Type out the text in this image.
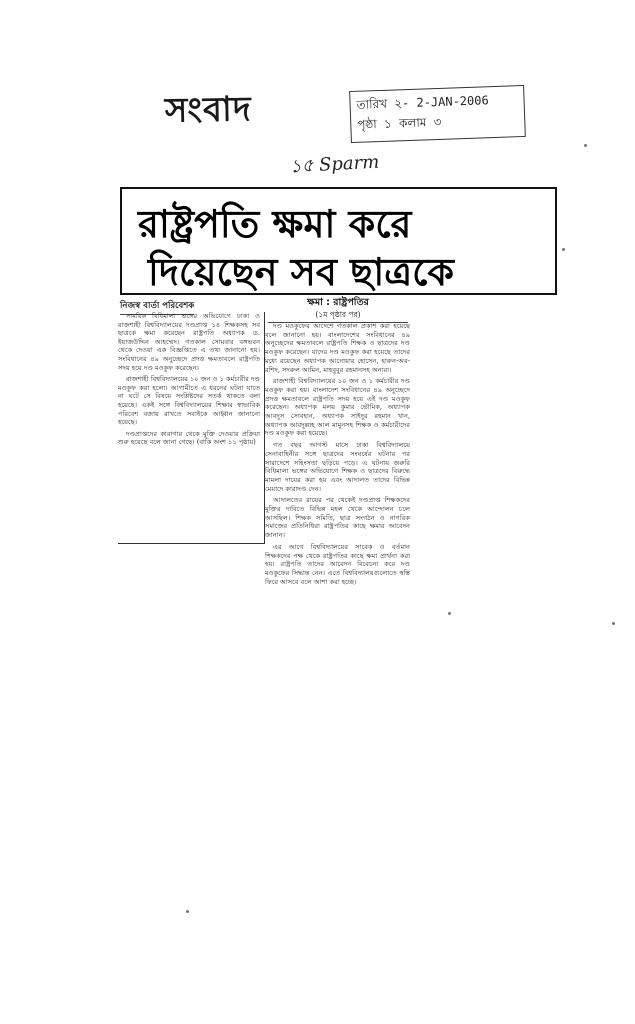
সংবাদ	তারিখ ২- 2-JAN-2006
পৃষ্ঠা ১ কলাম ৩
১৫ Sparm
রাষ্ট্রপতি ক্ষমা করে
দিয়েছেন সব ছাত্রকে
নিজস্ব বার্তা পরিবেশক

সামরিক বিধিমালা ভঙ্গের অভিযোগে ঢাকা ও রাজশাহী বিশ্ববিদ্যালয়ের দণ্ডপ্রাপ্ত ১৪ শিক্ষকসহ সব ছাত্রকে ক্ষমা করেছেন রাষ্ট্রপতি অধ্যাপক ড. ইয়াজউদ্দিন আহম্মেদ। গতকাল সোমবার বঙ্গভবন থেকে দেওয়া এক বিজ্ঞপ্তিতে এ তথ্য জানানো হয়। সংবিধানের ৪৯ অনুচ্ছেদে প্রদত্ত ক্ষমতাবলে রাষ্ট্রপতি সদয় হয়ে দণ্ড মওকুফ করেছেন।

রাজশাহী বিশ্ববিদ্যালয়ের ১০ জন ও ১ কর্মচারীর দণ্ড মওকুফ করা হলো। আগামীতে এ ধরনের ঘটনা যাতে না ঘটে সে বিষয়ে সংশ্লিষ্টদের সতর্ক থাকতে বলা হয়েছে। একই সঙ্গে বিশ্ববিদ্যালয়ের শিক্ষার স্বাভাবিক পরিবেশ বজায় রাখতে সবাইকে আহ্বান জানানো হয়েছে।

দণ্ডপ্রাপ্তদের কারাগার থেকে মুক্তি দেওয়ার প্রক্রিয়া শুরু হয়েছে বলে জানা গেছে। (বাকি অংশ ১১ পৃষ্ঠায়)

ক্ষমা : রাষ্ট্রপতির
(১ম পৃষ্ঠার পর)

দণ্ড মওকুফের আদেশে গতকাল প্রকাশ করা হয়েছে বলে জানানো হয়। বাংলাদেশের সংবিধানের ৪৯ অনুচ্ছেদের ক্ষমতাবলে রাষ্ট্রপতি শিক্ষক ও ছাত্রদের দণ্ড মওকুফ করেছেন। যাদের দণ্ড মওকুফ করা হয়েছে তাদের মধ্যে রয়েছেন অধ্যাপক আনোয়ার হোসেন, হারুন-অর-রশিদ, সদরুল আমিন, মাহবুবুর রহমানসহ অন্যরা।

রাজশাহী বিশ্ববিদ্যালয়ের ১০ জন ও ১ কর্মচারীর দণ্ড মওকুফ করা হয়। বাংলাদেশ সংবিধানের ৪৯ অনুচ্ছেদে প্রদত্ত ক্ষমতাবলে রাষ্ট্রপতি সদয় হয়ে এই দণ্ড মওকুফ করেছেন। অধ্যাপক মলয় কুমার ভৌমিক, অধ্যাপক আবদুস সোবহান, অধ্যাপক সাইদুর রহমান খান, অধ্যাপক আবদুল্লাহ আল মামুনসহ শিক্ষক ও কর্মচারীদের দণ্ড মওকুফ করা হয়েছে।

গত বছর আগস্ট মাসে ঢাকা বিশ্ববিদ্যালয়ে সেনাবাহিনীর সঙ্গে ছাত্রদের সংঘর্ষের ঘটনার পর সারাদেশে সহিংসতা ছড়িয়ে পড়ে। এ ঘটনায় জরুরি বিধিমালা ভঙ্গের অভিযোগে শিক্ষক ও ছাত্রদের বিরুদ্ধে মামলা দায়ের করা হয় এবং আদালত তাদের বিভিন্ন মেয়াদে কারাদণ্ড দেন।

আদালতের রায়ের পর থেকেই দণ্ডপ্রাপ্ত শিক্ষকদের মুক্তির দাবিতে বিভিন্ন মহল থেকে আন্দোলন চলে আসছিল। শিক্ষক সমিতি, ছাত্র সংগঠন ও নাগরিক সমাজের প্রতিনিধিরা রাষ্ট্রপতির কাছে ক্ষমার আবেদন জানান।

এর আগে বিশ্ববিদ্যালয়ের সাবেক ও বর্তমান শিক্ষকদের পক্ষ থেকে রাষ্ট্রপতির কাছে ক্ষমা প্রার্থনা করা হয়। রাষ্ট্রপতি তাদের আবেদন বিবেচনা করে দণ্ড মওকুফের সিদ্ধান্ত নেন। এতে বিশ্ববিদ্যালয়গুলোতে স্বস্তি ফিরে আসবে বলে আশা করা হচ্ছে।
